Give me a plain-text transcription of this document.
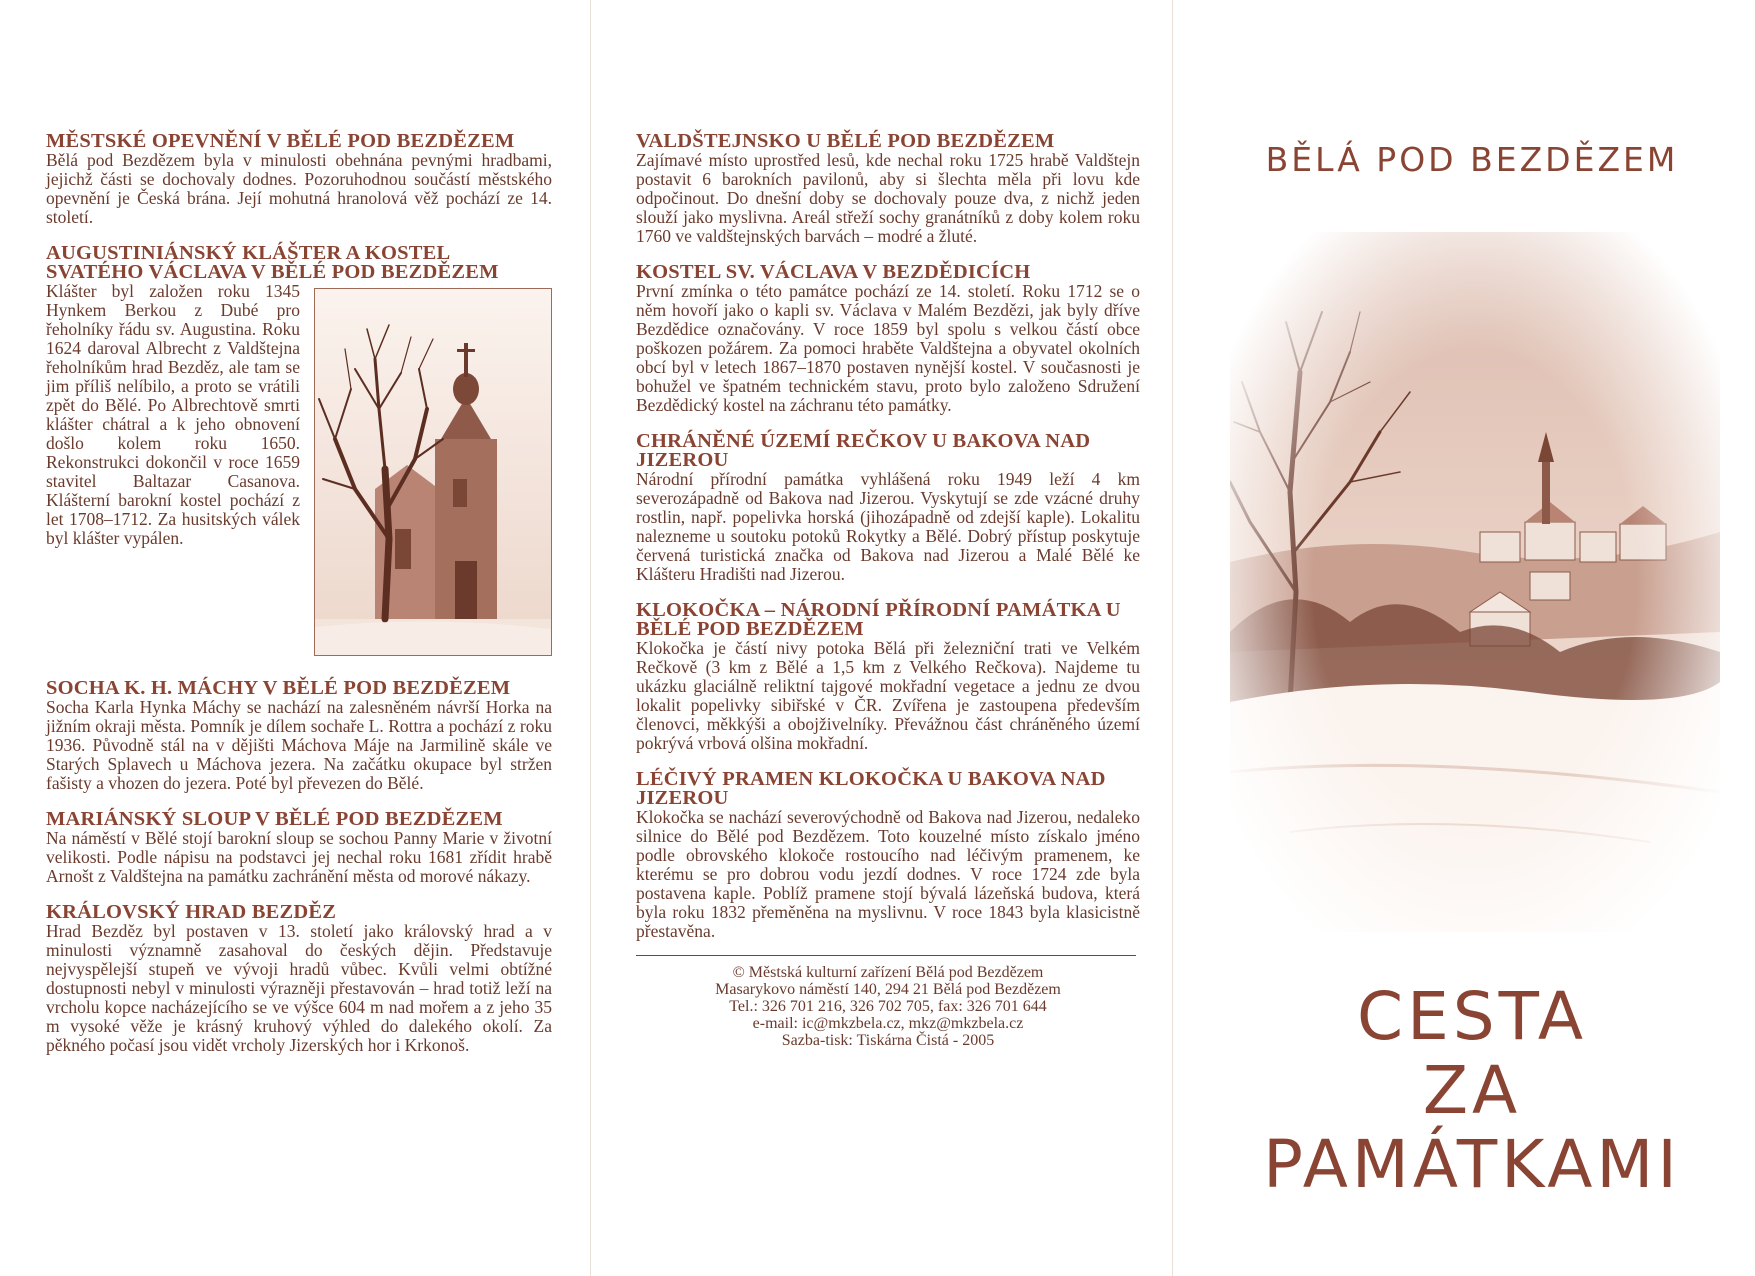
MĚSTSKÉ OPEVNĚNÍ V BĚLÉ POD BEZDĚZEM

Bělá pod Bezdězem byla v minulosti obehnána pevnými hradbami, jejichž části se dochovaly dodnes. Pozoruhodnou součástí městského opevnění je Česká brána. Její mohutná hranolová věž pochází ze 14. století.

AUGUSTINIÁNSKÝ KLÁŠTER A KOSTEL SVATÉHO VÁCLAVA V BĚLÉ POD BEZDĚZEM

Klášter byl založen roku 1345 Hynkem Berkou z Dubé pro řeholníky řádu sv. Augustina. Roku 1624 daroval Albrecht z Valdštejna řeholníkům hrad Bezděz, ale tam se jim příliš nelíbilo, a proto se vrátili zpět do Bělé. Po Albrechtově smrti klášter chátral a k jeho obnovení došlo kolem roku 1650. Rekonstrukci dokončil v roce 1659 stavitel Baltazar Casanova. Klášterní barokní kostel pochází z let 1708–1712. Za husitských válek byl klášter vypálen.

SOCHA K. H. MÁCHY V BĚLÉ POD BEZDĚZEM

Socha Karla Hynka Máchy se nachází na zalesněném návrší Horka na jižním okraji města. Pomník je dílem sochaře L. Rottra a pochází z roku 1936. Původně stál na v dějišti Máchova Máje na Jarmilině skále ve Starých Splavech u Máchova jezera. Na začátku okupace byl stržen fašisty a vhozen do jezera. Poté byl převezen do Bělé.

MARIÁNSKÝ SLOUP V BĚLÉ POD BEZDĚZEM

Na náměstí v Bělé stojí barokní sloup se sochou Panny Marie v životní velikosti. Podle nápisu na podstavci jej nechal roku 1681 zřídit hrabě Arnošt z Valdštejna na památku zachránění města od morové nákazy.

KRÁLOVSKÝ HRAD BEZDĚZ

Hrad Bezděz byl postaven v 13. století jako královský hrad a v minulosti významně zasahoval do českých dějin. Představuje nejvyspělejší stupeň ve vývoji hradů vůbec. Kvůli velmi obtížné dostupnosti nebyl v minulosti výrazněji přestavován – hrad totiž leží na vrcholu kopce nacházejícího se ve výšce 604 m nad mořem a z jeho 35 m vysoké věže je krásný kruhový výhled do dalekého okolí. Za pěkného počasí jsou vidět vrcholy Jizerských hor i Krkonoš.

VALDŠTEJNSKO U BĚLÉ POD BEZDĚZEM

Zajímavé místo uprostřed lesů, kde nechal roku 1725 hrabě Valdštejn postavit 6 barokních pavilonů, aby si šlechta měla při lovu kde odpočinout. Do dnešní doby se dochovaly pouze dva, z nichž jeden slouží jako myslivna. Areál střeží sochy granátníků z doby kolem roku 1760 ve valdštejnských barvách – modré a žluté.

KOSTEL SV. VÁCLAVA V BEZDĚDICÍCH

První zmínka o této památce pochází ze 14. století. Roku 1712 se o něm hovoří jako o kapli sv. Václava v Malém Bezdězi, jak byly dříve Bezdědice označovány. V roce 1859 byl spolu s velkou částí obce poškozen požárem. Za pomoci hraběte Valdštejna a obyvatel okolních obcí byl v letech 1867–1870 postaven nynější kostel. V současnosti je bohužel ve špatném technickém stavu, proto bylo založeno Sdružení Bezdědický kostel na záchranu této památky.

CHRÁNĚNÉ ÚZEMÍ REČKOV U BAKOVA NAD JIZEROU

Národní přírodní památka vyhlášená roku 1949 leží 4 km severozápadně od Bakova nad Jizerou. Vyskytují se zde vzácné druhy rostlin, např. popelivka horská (jihozápadně od zdejší kaple). Lokalitu nalezneme u soutoku potoků Rokytky a Bělé. Dobrý přístup poskytuje červená turistická značka od Bakova nad Jizerou a Malé Bělé ke Klášteru Hradišti nad Jizerou.

KLOKOČKA – NÁRODNÍ PŘÍRODNÍ PAMÁTKA U BĚLÉ POD BEZDĚZEM

Klokočka je částí nivy potoka Bělá při železniční trati ve Velkém Rečkově (3 km z Bělé a 1,5 km z Velkého Rečkova). Najdeme tu ukázku glaciálně reliktní tajgové mokřadní vegetace a jednu ze dvou lokalit popelivky sibiřské v ČR. Zvířena je zastoupena především členovci, měkkýši a obojživelníky. Převážnou část chráněného území pokrývá vrbová olšina mokřadní.

LÉČIVÝ PRAMEN KLOKOČKA U BAKOVA NAD JIZEROU

Klokočka se nachází severovýchodně od Bakova nad Jizerou, nedaleko silnice do Bělé pod Bezdězem. Toto kouzelné místo získalo jméno podle obrovského klokoče rostoucího nad léčivým pramenem, ke kterému se pro dobrou vodu jezdí dodnes. V roce 1724 zde byla postavena kaple. Poblíž pramene stojí bývalá lázeňská budova, která byla roku 1832 přeměněna na myslivnu. V roce 1843 byla klasicistně přestavěna.

© Městská kulturní zařízení Bělá pod Bezdězem
Masarykovo náměstí 140, 294 21 Bělá pod Bezdězem
Tel.: 326 701 216, 326 702 705, fax: 326 701 644
e-mail: ic@mkzbela.cz, mkz@mkzbela.cz
Sazba-tisk: Tiskárna Čistá - 2005
BĚLÁ POD BEZDĚZEM
CESTA
ZA
PAMÁTKAMI
